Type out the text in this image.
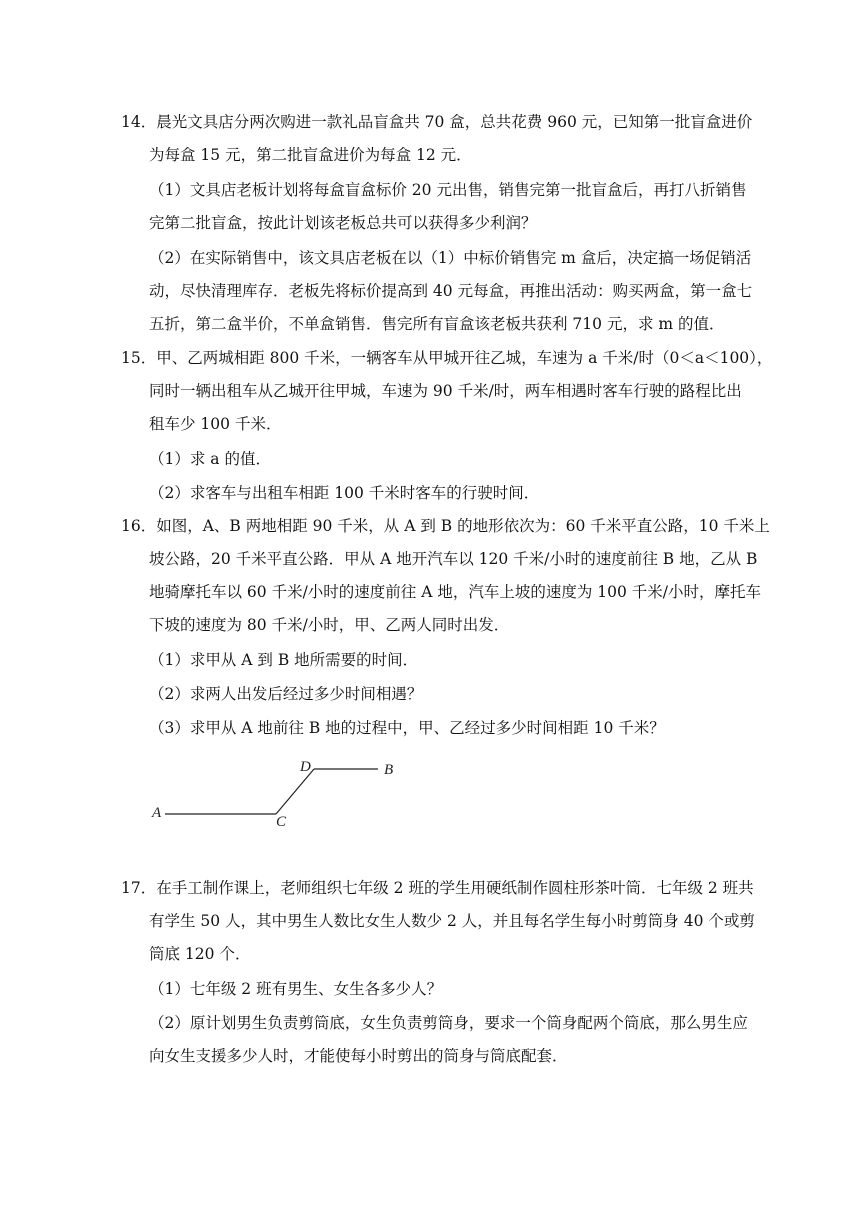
14．晨光文具店分两次购进一款礼品盲盒共 70 盒，总共花费 960 元，已知第一批盲盒进价
为每盒 15 元，第二批盲盒进价为每盒 12 元．
（1）文具店老板计划将每盒盲盒标价 20 元出售，销售完第一批盲盒后，再打八折销售
完第二批盲盒，按此计划该老板总共可以获得多少利润？
（2）在实际销售中，该文具店老板在以（1）中标价销售完 m 盒后，决定搞一场促销活
动，尽快清理库存．老板先将标价提高到 40 元每盒，再推出活动：购买两盒，第一盒七
五折，第二盒半价，不单盒销售．售完所有盲盒该老板共获利 710 元，求 m 的值．
15．甲、乙两城相距 800 千米，一辆客车从甲城开往乙城，车速为 a 千米/时（0＜a＜100），
同时一辆出租车从乙城开往甲城，车速为 90 千米/时，两车相遇时客车行驶的路程比出
租车少 100 千米．
（1）求 a 的值．
（2）求客车与出租车相距 100 千米时客车的行驶时间．
16．如图，A、B 两地相距 90 千米，从 A 到 B 的地形依次为：60 千米平直公路，10 千米上
坡公路，20 千米平直公路．甲从 A 地开汽车以 120 千米/小时的速度前往 B 地，乙从 B
地骑摩托车以 60 千米/小时的速度前往 A 地，汽车上坡的速度为 100 千米/小时，摩托车
下坡的速度为 80 千米/小时，甲、乙两人同时出发．
（1）求甲从 A 到 B 地所需要的时间．
（2）求两人出发后经过多少时间相遇？
（3）求甲从 A 地前往 B 地的过程中，甲、乙经过多少时间相距 10 千米？
A
C
D	B
17．在手工制作课上，老师组织七年级 2 班的学生用硬纸制作圆柱形茶叶筒．七年级 2 班共
有学生 50 人，其中男生人数比女生人数少 2 人，并且每名学生每小时剪筒身 40 个或剪
筒底 120 个．
（1）七年级 2 班有男生、女生各多少人？
（2）原计划男生负责剪筒底，女生负责剪筒身，要求一个筒身配两个筒底，那么男生应
向女生支援多少人时，才能使每小时剪出的筒身与筒底配套．
